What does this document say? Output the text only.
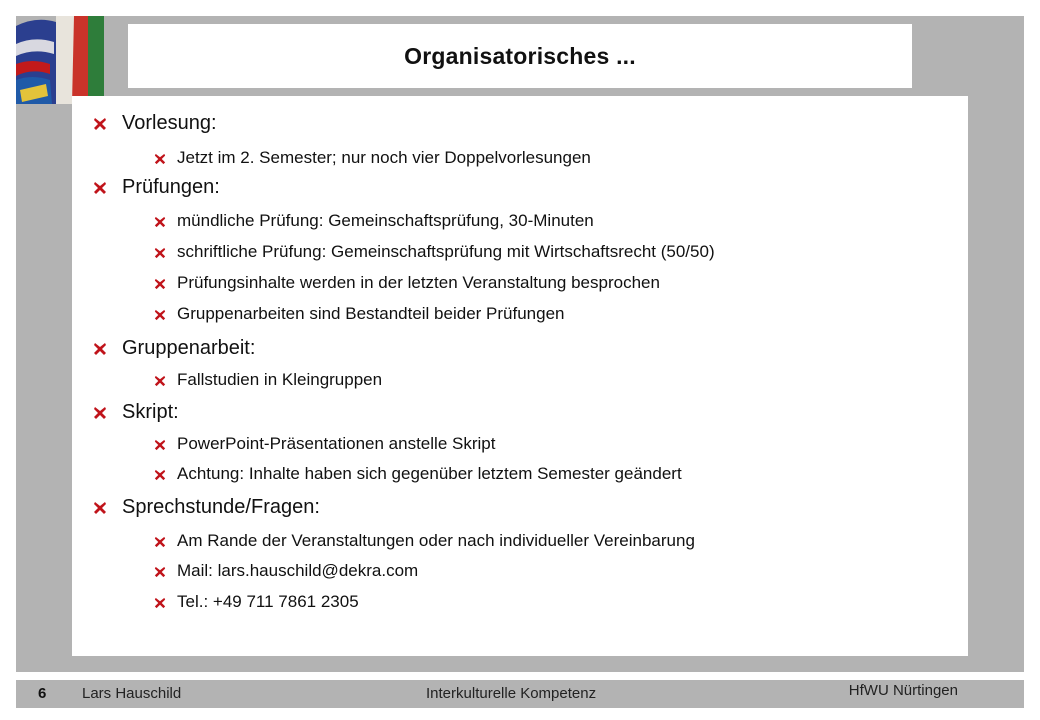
Organisatorisches ...
Vorlesung:
Jetzt im 2. Semester; nur noch vier Doppelvorlesungen
Prüfungen:
mündliche Prüfung: Gemeinschaftsprüfung, 30-Minuten
schriftliche Prüfung: Gemeinschaftsprüfung mit Wirtschaftsrecht (50/50)
Prüfungsinhalte werden in der letzten Veranstaltung besprochen
Gruppenarbeiten sind Bestandteil beider Prüfungen
Gruppenarbeit:
Fallstudien in Kleingruppen
Skript:
PowerPoint-Präsentationen anstelle Skript
Achtung: Inhalte haben sich gegenüber letztem Semester geändert
Sprechstunde/Fragen:
Am Rande der Veranstaltungen oder nach individueller Vereinbarung
Mail: lars.hauschild@dekra.com
Tel.: +49 711 7861 2305
6 Lars Hauschild	Interkulturelle Kompetenz	HfWU Nürtingen
